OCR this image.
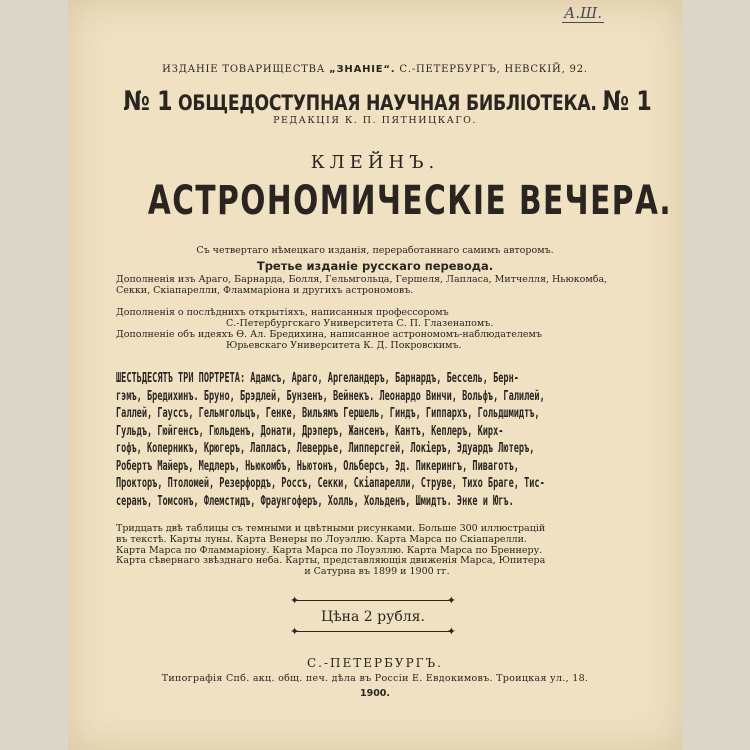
А.Ш.
ИЗДАНІЕ ТОВАРИЩЕСТВА „ЗНАНІЕ“. С.-ПЕТЕРБУРГЪ, НЕВСКІЙ, 92.
№ 1 ОБЩЕДОСТУПНАЯ НАУЧНАЯ БИБЛІОТЕКА. № 1
РЕДАКЦІЯ К. П. ПЯТНИЦКАГО.
КЛЕЙНЪ.
АСТРОНОМИЧЕСКІЕ ВЕЧЕРА.
Съ четвертаго нѣмецкаго изданія, переработаннаго самимъ авторомъ.
Третье изданіе русскаго перевода.
Дополненія изъ Араго, Барнарда, Болля, Гельмгольца, Гершеля, Лапласа, Митчелля, Ньюкомба, Секки, Скіапарелли, Фламмаріона и другихъ астрономовъ.
Дополненія о послѣднихъ открытіяхъ, написанныя профессоромъ
С.-Петербургскаго Университета С. П. Глазенапомъ.
Дополненіе объ идеяхъ Ө. Ал. Бредихина, написанное астрономомъ-наблюдателемъ
Юрьевскаго Университета К. Д. Покровскимъ.
ШЕСТЬДЕСЯТЪ ТРИ ПОРТРЕТА: Адамсъ, Араго, Аргеландеръ, Барнардъ, Бессель, Берн-
гэмъ, Бредихинъ. Бруно, Брэдлей, Бунзенъ, Вейнекъ. Леонардо Винчи, Вольфъ, Галилей,
Галлей, Гауссъ, Гельмгольцъ, Генке, Вильямъ Гершель, Гиндъ, Гиппархъ, Гольдшмидтъ,
Гульдъ, Гюйгенсъ, Гюльденъ, Донати, Дрэперъ, Жансенъ, Кантъ, Кеплеръ, Кирх-
гофъ, Коперникъ, Крюгеръ, Лапласъ, Леверрье, Липперсгей, Локіеръ, Эдуардъ Лютеръ,
Робертъ Майеръ, Медлеръ, Ньюкомбъ, Ньютонъ, Ольберсъ, Эд. Пикерингъ, Пиваготъ,
Прокторъ, Птоломей, Резерфордъ, Россъ, Секки, Скіапарелли, Струве, Тихо Браге, Тис-
серанъ, Томсонъ, Флемстидъ, Фраунгоферъ, Холль, Хольденъ, Шмидтъ. Энке и Югъ.
Тридцать двѣ таблицы съ темными и цвѣтными рисунками. Больше 300 иллюстрацій
въ текстѣ. Карты луны. Карта Венеры по Лоуэллю. Карта Марса по Скіапарелли.
Карта Марса по Фламмаріону. Карта Марса по Лоуэллю. Карта Марса по Бреннеру.
Карта сѣвернаго звѣзднаго неба. Карты, представляющія движенія Марса, Юпитера
и Сатурна въ 1899 и 1900 гг.
✦	✦
✦	✦
Цѣна 2 рубля.
С.-ПЕТЕРБУРГЪ.
Типографія Спб. акц. общ. печ. дѣла въ Россіи Е. Евдокимовъ. Троицкая ул., 18.
1900.
